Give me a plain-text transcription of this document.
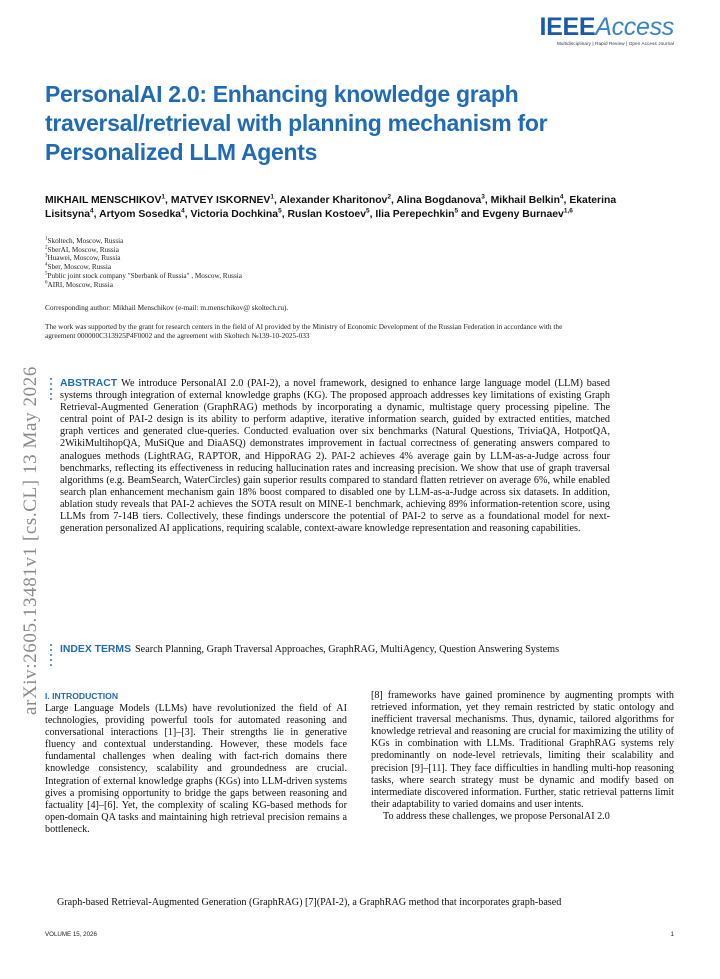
IEEEAccess
Multidisciplinary | Rapid Review | Open Access Journal
arXiv:2605.13481v1 [cs.CL] 13 May 2026
PersonalAI 2.0: Enhancing knowledge graph traversal/retrieval with planning mechanism for Personalized LLM Agents
MIKHAIL MENSCHIKOV$^1$, MATVEY ISKORNEV$^1$, Alexander Kharitonov$^2$, Alina Bogdanova$^3$, Mikhail Belkin$^4$, Ekaterina Lisitsyna$^4$, Artyom Sosedka$^4$, Victoria Dochkina$^5$, Ruslan Kostoev$^5$, Ilia Perepechkin$^5$ and Evgeny Burnaev$^{1,6}$
$^1$Skoltech, Moscow, Russia
$^2$SberAI, Moscow, Russia
$^3$Huawei, Moscow, Russia
$^4$Sber, Moscow, Russia
$^5$Public joint stock company "Sberbank of Russia" , Moscow, Russia
$^6$AIRI, Moscow, Russia
Corresponding author: Mikhail Menschikov (e-mail: m.menschikov@ skoltech.ru).
The work was supported by the grant for research centers in the field of AI provided by the Ministry of Economic Development of the Russian Federation in accordance with the agreement 000000C313925P4F0002 and the agreement with Skoltech №139-10-2025-033
ABSTRACT We introduce PersonalAI 2.0 (PAI-2), a novel framework, designed to enhance large language model (LLM) based systems through integration of external knowledge graphs (KG). The proposed approach addresses key limitations of existing Graph Retrieval-Augmented Generation (GraphRAG) methods by incorporating a dynamic, multistage query processing pipeline. The central point of PAI-2 design is its ability to perform adaptive, iterative information search, guided by extracted entities, matched graph vertices and generated clue-queries. Conducted evaluation over six benchmarks (Natural Questions, TriviaQA, HotpotQA, 2WikiMultihopQA, MuSiQue and DiaASQ) demonstrates improvement in factual correctness of generating answers compared to analogues methods (LightRAG, RAPTOR, and HippoRAG 2). PAI-2 achieves 4% average gain by LLM-as-a-Judge across four benchmarks, reflecting its effectiveness in reducing hallucination rates and increasing precision. We show that use of graph traversal algorithms (e.g. BeamSearch, WaterCircles) gain superior results compared to standard flatten retriever on average 6%, while enabled search plan enhancement mechanism gain 18% boost compared to disabled one by LLM-as-a-Judge across six datasets. In addition, ablation study reveals that PAI-2 achieves the SOTA result on MINE-1 benchmark, achieving 89% information-retention score, using LLMs from 7-14B tiers. Collectively, these findings underscore the potential of PAI-2 to serve as a foundational model for next-generation personalized AI applications, requiring scalable, context-aware knowledge representation and reasoning capabilities.
INDEX TERMS Search Planning, Graph Traversal Approaches, GraphRAG, MultiAgency, Question Answering Systems
I. INTRODUCTION

Large Language Models (LLMs) have revolutionized the field of AI technologies, providing powerful tools for automated reasoning and conversational interactions [1]–[3]. Their strengths lie in generative fluency and contextual understanding. However, these models face fundamental challenges when dealing with fact-rich domains there knowledge consistency, scalability and groundedness are crucial. Integration of external knowledge graphs (KGs) into LLM-driven systems gives a promising opportunity to bridge the gaps between reasoning and factuality [4]–[6]. Yet, the complexity of scaling KG-based methods for open-domain QA tasks and maintaining high retrieval precision remains a bottleneck.

[8] frameworks have gained prominence by augmenting prompts with retrieved information, yet they remain restricted by static ontology and inefficient traversal mechanisms. Thus, dynamic, tailored algorithms for knowledge retrieval and reasoning are crucial for maximizing the utility of KGs in combination with LLMs. Traditional GraphRAG systems rely predominantly on node-level retrievals, limiting their scalability and precision [9]–[11]. They face difficulties in handling multi-hop reasoning tasks, where search strategy must be dynamic and modify based on intermediate discovered information. Further, static retrieval patterns limit their adaptability to varied domains and user intents.

To address these challenges, we propose PersonalAI 2.0

Graph-based Retrieval-Augmented Generation (GraphRAG) [7](PAI-2), a GraphRAG method that incorporates graph-based
VOLUME 15, 2026	1
